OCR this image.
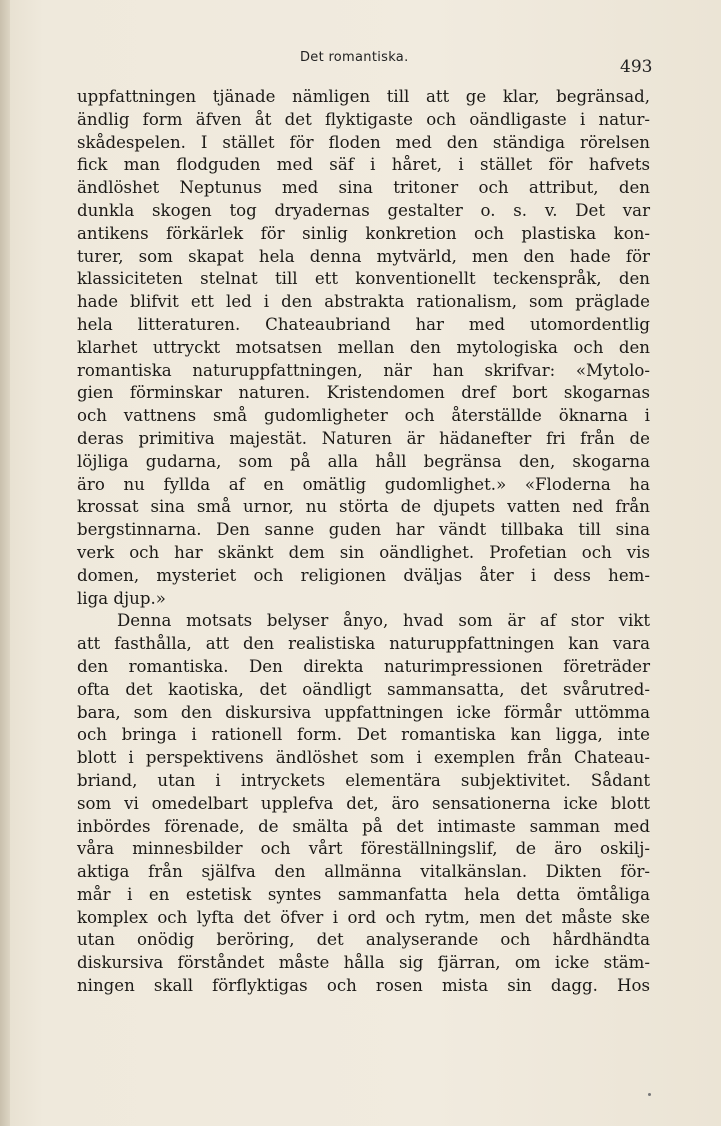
Det romantiska.	493
uppfattningen tjänade nämligen till att ge klar, begränsad,
ändlig form äfven åt det flyktigaste och oändligaste i natur-
skådespelen. I stället för floden med den ständiga rörelsen
fick man flodguden med säf i håret, i stället för hafvets
ändlöshet Neptunus med sina tritoner och attribut, den
dunkla skogen tog dryadernas gestalter o. s. v. Det var
antikens förkärlek för sinlig konkretion och plastiska kon-
turer, som skapat hela denna mytvärld, men den hade för
klassiciteten stelnat till ett konventionellt teckenspråk, den
hade blifvit ett led i den abstrakta rationalism, som präglade
hela litteraturen. Chateaubriand har med utomordentlig
klarhet uttryckt motsatsen mellan den mytologiska och den
romantiska naturuppfattningen, när han skrifvar: «Mytolo-
gien förminskar naturen. Kristendomen dref bort skogarnas
och vattnens små gudomligheter och återställde öknarna i
deras primitiva majestät. Naturen är hädanefter fri från de
löjliga gudarna, som på alla håll begränsa den, skogarna
äro nu fyllda af en omätlig gudomlighet.» «Floderna ha
krossat sina små urnor, nu störta de djupets vatten ned från
bergstinnarna. Den sanne guden har vändt tillbaka till sina
verk och har skänkt dem sin oändlighet. Profetian och vis
domen, mysteriet och religionen dväljas åter i dess hem-
liga djup.»
Denna motsats belyser ånyo, hvad som är af stor vikt
att fasthålla, att den realistiska naturuppfattningen kan vara
den romantiska. Den direkta naturimpressionen företräder
ofta det kaotiska, det oändligt sammansatta, det svårutred-
bara, som den diskursiva uppfattningen icke förmår uttömma
och bringa i rationell form. Det romantiska kan ligga, inte
blott i perspektivens ändlöshet som i exemplen från Chateau-
briand, utan i intryckets elementära subjektivitet. Sådant
som vi omedelbart upplefva det, äro sensationerna icke blott
inbördes förenade, de smälta på det intimaste samman med
våra minnesbilder och vårt föreställningslif, de äro oskilj-
aktiga från själfva den allmänna vitalkänslan. Dikten för-
mår i en estetisk syntes sammanfatta hela detta ömtåliga
komplex och lyfta det öfver i ord och rytm, men det måste ske
utan onödig beröring, det analyserande och hårdhändta
diskursiva förståndet måste hålla sig fjärran, om icke stäm-
ningen skall förflyktigas och rosen mista sin dagg. Hos
